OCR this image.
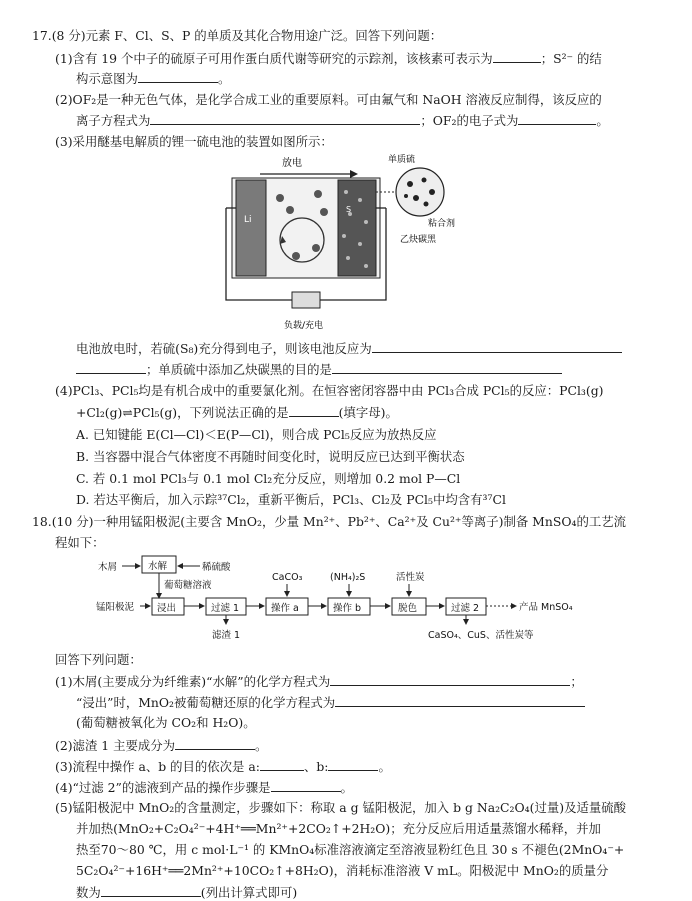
17.(8 分)元素 F、Cl、S、P 的单质及其化合物用途广泛。回答下列问题：
(1)含有 19 个中子的硫原子可用作蛋白质代谢等研究的示踪剂，该核素可表示为	；S²⁻ 的结
构示意图为	。
(2)OF₂是一种无色气体，是化学合成工业的重要原料。可由氟气和 NaOH 溶液反应制得，该反应的
离子方程式为	；OF₂的电子式为	。
(3)采用醚基电解质的锂一硫电池的装置如图所示：
放电
Li
S
负载/充电
单质硫
粘合剂
乙炔碳黑
电池放电时，若硫(S₈)充分得到电子，则该电池反应为
；单质硫中添加乙炔碳黑的目的是
(4)PCl₃、PCl₅均是有机合成中的重要氯化剂。在恒容密闭容器中由 PCl₃合成 PCl₅的反应：PCl₃(g)
+Cl₂(g)⇌PCl₅(g)，下列说法正确的是	(填字母)。
A. 已知键能 E(Cl—Cl)＜E(P—Cl)，则合成 PCl₅反应为放热反应
B. 当容器中混合气体密度不再随时间变化时，说明反应已达到平衡状态
C. 若 0.1 mol PCl₃与 0.1 mol Cl₂充分反应，则增加 0.2 mol P—Cl
D. 若达平衡后，加入示踪³⁷Cl₂，重新平衡后，PCl₃、Cl₂及 PCl₅中均含有³⁷Cl
18.(10 分)一种用锰阳极泥(主要含 MnO₂，少量 Mn²⁺、Pb²⁺、Ca²⁺及 Cu²⁺等离子)制备 MnSO₄的工艺流
程如下：
木屑	水解	稀硫酸
葡萄糖溶液
锰阳极泥 浸出	过滤 1
滤渣 1
操作 a
CaCO₃
操作 b
(NH₄)₂S
脱色
活性炭
过滤 2
CaSO₄、CuS、活性炭等
产品 MnSO₄
回答下列问题：
(1)木屑(主要成分为纤维素)“水解”的化学方程式为	；
“浸出”时，MnO₂被葡萄糖还原的化学方程式为
(葡萄糖被氧化为 CO₂和 H₂O)。
(2)滤渣 1 主要成分为	。
(3)流程中操作 a、b 的目的依次是 a:	、b:	。
(4)“过滤 2”的滤液到产品的操作步骤是	。
(5)锰阳极泥中 MnO₂的含量测定，步骤如下：称取 a g 锰阳极泥，加入 b g Na₂C₂O₄(过量)及适量硫酸
并加热(MnO₂+C₂O₄²⁻+4H⁺══Mn²⁺+2CO₂↑+2H₂O)；充分反应后用适量蒸馏水稀释，并加
热至70～80 ℃，用 c mol·L⁻¹ 的 KMnO₄标准溶液滴定至溶液显粉红色且 30 s 不褪色(2MnO₄⁻+
5C₂O₄²⁻+16H⁺══2Mn²⁺+10CO₂↑+8H₂O)，消耗标准溶液 V mL。阳极泥中 MnO₂的质量分
数为	(列出计算式即可)
